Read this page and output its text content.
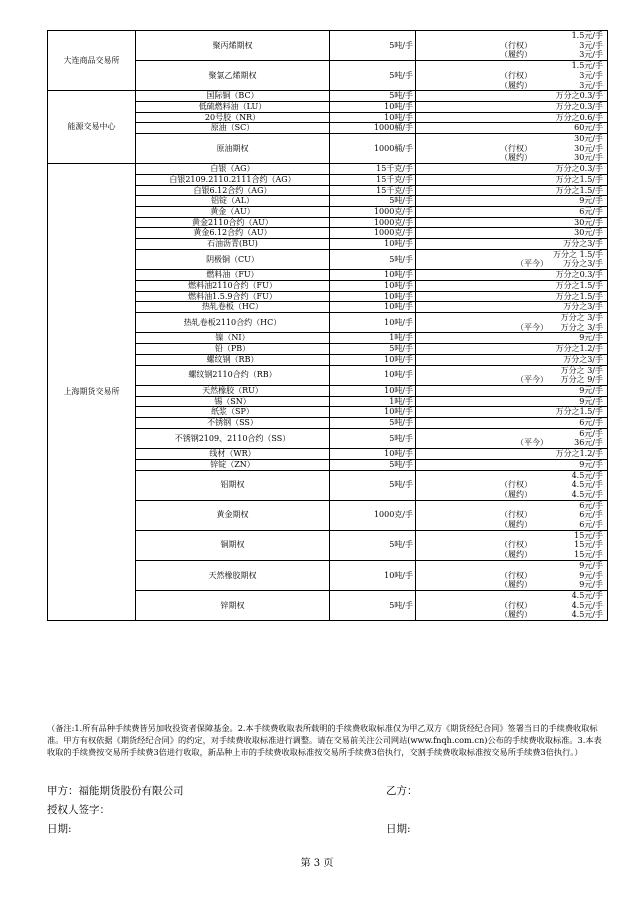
大连商品交易所	聚丙烯期权	5吨/手	1.5元/手
（行权） 3元/手
（履约） 3元/手

	聚氯乙烯期权	5吨/手	1.5元/手
（行权） 3元/手
（履约） 3元/手

能源交易中心	国际铜（BC）	5吨/手	万分之0.3/手

	低硫燃料油（LU）	10吨/手	万分之0.3/手

	20号胶（NR）	10吨/手	万分之0.6/手

	原油（SC）	1000桶/手	60元/手

	原油期权	1000桶/手	30元/手
（行权） 30元/手
（履约） 30元/手

上海期货交易所	白银（AG）	15千克/手	万分之0.3/手

	白银2109.2110.2111合约（AG）	15千克/手	万分之1.5/手

	白银6.12合约（AG）	15千克/手	万分之1.5/手

	铝锭（AL）	5吨/手	9元/手

	黄金（AU）	1000克/手	6元/手

	黄金2110合约（AU）	1000克/手	30元/手

	黄金6.12合约（AU）	1000克/手	30元/手

	石油沥青(BU)	10吨/手	万分之3/手

	阴极铜（CU）	5吨/手	万分之 1.5/手
（平今） 万分之3/手

	燃料油（FU）	10吨/手	万分之0.3/手

	燃料油2110合约（FU）	10吨/手	万分之1.5/手

	燃料油1.5.9合约（FU）	10吨/手	万分之1.5/手

	热轧卷板（HC）	10吨/手	万分之3/手

	热轧卷板2110合约（HC）	10吨/手	万分之 3/手
（平今） 万分之 3/手

	镍（NI）	1吨/手	9元/手

	铅（PB）	5吨/手	万分之1.2/手

	螺纹钢（RB）	10吨/手	万分之3/手

	螺纹钢2110合约（RB）	10吨/手	万分之 3/手
（平今） 万分之 9/手

	天然橡胶（RU）	10吨/手	9元/手

	锡（SN）	1吨/手	9元/手

	纸浆（SP）	10吨/手	万分之1.5/手

	不锈钢（SS）	5吨/手	6元/手

	不锈钢2109、2110合约（SS）	5吨/手	6元/手
（平今） 36元/手

	线材（WR）	10吨/手	万分之1.2/手

	锌锭（ZN）	5吨/手	9元/手

	铝期权	5吨/手	4.5元/手
（行权） 4.5元/手
（履约） 4.5元/手

	黄金期权	1000克/手	6元/手
（行权） 6元/手
（履约） 6元/手

	铜期权	5吨/手	15元/手
（行权） 15元/手
（履约） 15元/手

	天然橡胶期权	10吨/手	9元/手
（行权） 9元/手
（履约） 9元/手

	锌期权	5吨/手	4.5元/手
（行权） 4.5元/手
（履约） 4.5元/手

（备注:1.所有品种手续费皆另加收投资者保障基金。2.本手续费收取表所载明的手续费收取标准仅为甲乙双方《期货经纪合同》签署当日的手续费收取标准。甲方有权依据《期货经纪合同》的约定，对手续费收取标准进行调整。请在交易前关注公司网站(www.fnqh.com.cn)公布的手续费收取标准。3.本表收取的手续费按交易所手续费3倍进行收取，新品种上市的手续费收取标准按交易所手续费3倍执行，交割手续费收取标准按交易所手续费3倍执行。）

甲方：福能期货股份有限公司	乙方：
授权人签字：
日期:	日期:
第 3 页
